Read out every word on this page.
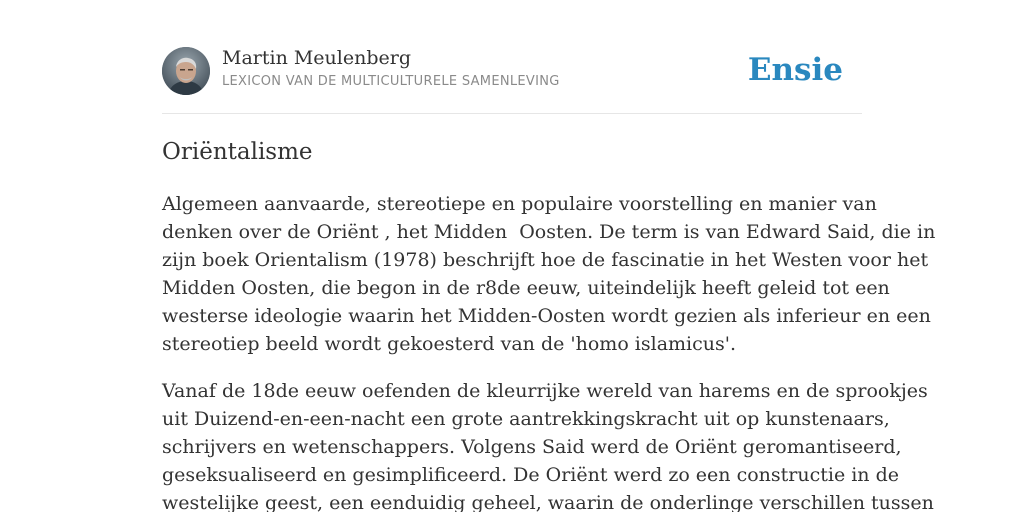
Martin Meulenberg
LEXICON VAN DE MULTICULTURELE SAMENLEVING	Ensie
Oriëntalisme

Algemeen aanvaarde, stereotiepe en populaire voorstelling en manier van
denken over de Oriënt , het Midden  Oosten. De term is van Edward Said, die in
zijn boek Orientalism (1978) beschrijft hoe de fascinatie in het Westen voor het
Midden Oosten, die begon in de r8de eeuw, uiteindelijk heeft geleid tot een
westerse ideologie waarin het Midden-Oosten wordt gezien als inferieur en een
stereotiep beeld wordt gekoesterd van de 'homo islamicus'.

Vanaf de 18de eeuw oefenden de kleurrijke wereld van harems en de sprookjes
uit Duizend-en-een-nacht een grote aantrekkingskracht uit op kunstenaars,
schrijvers en wetenschappers. Volgens Said werd de Oriënt geromantiseerd,
geseksualiseerd en gesimplificeerd. De Oriënt werd zo een constructie in de
westelijke geest, een eenduidig geheel, waarin de onderlinge verschillen tussen
